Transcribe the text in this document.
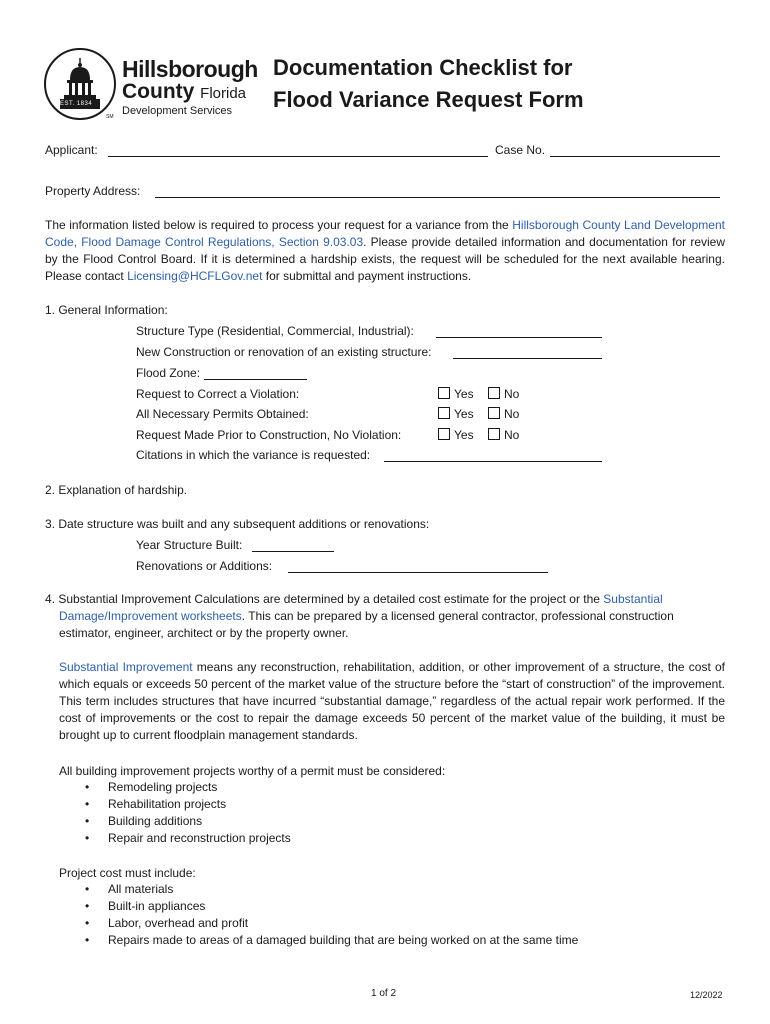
EST. 1834
SM
Hillsborough
County Florida
Development Services
Documentation Checklist for
Flood Variance Request Form
Applicant:	Case No.
Property Address:
The information listed below is required to process your request for a variance from the Hillsborough County Land Development Code, Flood Damage Control Regulations, Section 9.03.03. Please provide detailed information and documentation for review by the Flood Control Board. If it is determined a hardship exists, the request will be scheduled for the next available hearing. Please contact Licensing@HCFLGov.net for submittal and payment instructions.
1. General Information:
Structure Type (Residential, Commercial, Industrial):
New Construction or renovation of an existing structure:
Flood Zone:
Request to Correct a Violation:	Yes	No
All Necessary Permits Obtained:	Yes	No
Request Made Prior to Construction, No Violation:	Yes	No
Citations in which the variance is requested:
2. Explanation of hardship.
3. Date structure was built and any subsequent additions or renovations:
Year Structure Built:
Renovations or Additions:
4. Substantial Improvement Calculations are determined by a detailed cost estimate for the project or the Substantial
Damage/Improvement worksheets. This can be prepared by a licensed general contractor, professional construction
estimator, engineer, architect or by the property owner.
Substantial Improvement means any reconstruction, rehabilitation, addition, or other improvement of a structure, the cost of which equals or exceeds 50 percent of the market value of the structure before the “start of construction” of the improvement. This term includes structures that have incurred “substantial damage,” regardless of the actual repair work performed. If the cost of improvements or the cost to repair the damage exceeds 50 percent of the market value of the building, it must be brought up to current floodplain management standards.
All building improvement projects worthy of a permit must be considered:
• Remodeling projects
• Rehabilitation projects
• Building additions
• Repair and reconstruction projects
Project cost must include:
• All materials
• Built-in appliances
• Labor, overhead and profit
• Repairs made to areas of a damaged building that are being worked on at the same time
1 of 2	12/2022
